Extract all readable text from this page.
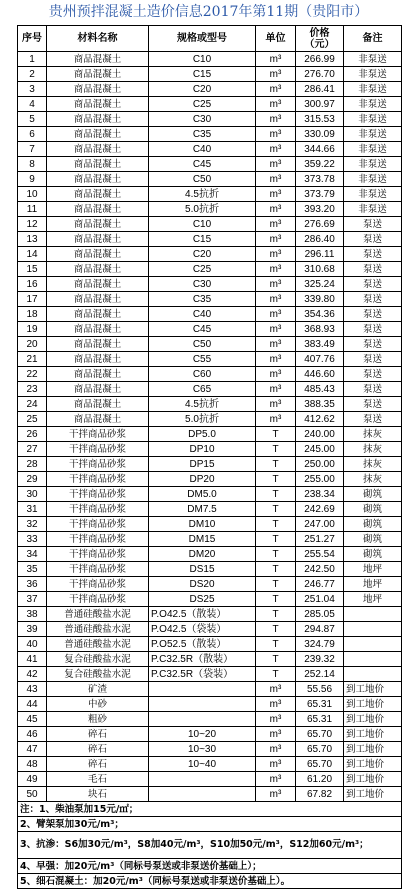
贵州预拌混凝土造价信息2017年第11期（贵阳市）
序号	材料名称	规格或型号	单位	价格（元）	备注
1	商品混凝土	C10	m³	266.99	非泵送
2	商品混凝土	C15	m³	276.70	非泵送
3	商品混凝土	C20	m³	286.41	非泵送
4	商品混凝土	C25	m³	300.97	非泵送
5	商品混凝土	C30	m³	315.53	非泵送
6	商品混凝土	C35	m³	330.09	非泵送
7	商品混凝土	C40	m³	344.66	非泵送
8	商品混凝土	C45	m³	359.22	非泵送
9	商品混凝土	C50	m³	373.78	非泵送
10	商品混凝土	4.5抗折	m³	373.79	非泵送
11	商品混凝土	5.0抗折	m³	393.20	非泵送
12	商品混凝土	C10	m³	276.69	泵送
13	商品混凝土	C15	m³	286.40	泵送
14	商品混凝土	C20	m³	296.11	泵送
15	商品混凝土	C25	m³	310.68	泵送
16	商品混凝土	C30	m³	325.24	泵送
17	商品混凝土	C35	m³	339.80	泵送
18	商品混凝土	C40	m³	354.36	泵送
19	商品混凝土	C45	m³	368.93	泵送
20	商品混凝土	C50	m³	383.49	泵送
21	商品混凝土	C55	m³	407.76	泵送
22	商品混凝土	C60	m³	446.60	泵送
23	商品混凝土	C65	m³	485.43	泵送
24	商品混凝土	4.5抗折	m³	388.35	泵送
25	商品混凝土	5.0抗折	m³	412.62	泵送
26	干拌商品砂浆	DP5.0	T	240.00	抹灰
27	干拌商品砂浆	DP10	T	245.00	抹灰
28	干拌商品砂浆	DP15	T	250.00	抹灰
29	干拌商品砂浆	DP20	T	255.00	抹灰
30	干拌商品砂浆	DM5.0	T	238.34	砌筑
31	干拌商品砂浆	DM7.5	T	242.69	砌筑
32	干拌商品砂浆	DM10	T	247.00	砌筑
33	干拌商品砂浆	DM15	T	251.27	砌筑
34	干拌商品砂浆	DM20	T	255.54	砌筑
35	干拌商品砂浆	DS15	T	242.50	地坪
36	干拌商品砂浆	DS20	T	246.77	地坪
37	干拌商品砂浆	DS25	T	251.04	地坪
38	普通硅酸盐水泥	P.O42.5（散装）	T	285.05	
39	普通硅酸盐水泥	P.O42.5（袋装）	T	294.87	
40	普通硅酸盐水泥	P.O52.5（散装）	T	324.79	
41	复合硅酸盐水泥	P.C32.5R（散装）	T	239.32	
42	复合硅酸盐水泥	P.C32.5R（袋装）	T	252.14	
43	矿渣		m³	55.56	到工地价
44	中砂		m³	65.31	到工地价
45	粗砂		m³	65.31	到工地价
46	碎石	10~20	m³	65.70	到工地价
47	碎石	10~30	m³	65.70	到工地价
48	碎石	10~40	m³	65.70	到工地价
49	毛石		m³	61.20	到工地价
50	块石		m³	67.82	到工地价
注：1、柴油泵加15元/㎡；					
2、臂架泵加30元/m³；					
3、抗渗：S6加30元/m³，S8加40元/m³，S10加50元/m³，S12加60元/m³；					
4、早强：加20元/m³（同标号泵送或非泵送价基础上）；					
5、细石混凝土：加20元/m³（同标号泵送或非泵送价基础上）。					
